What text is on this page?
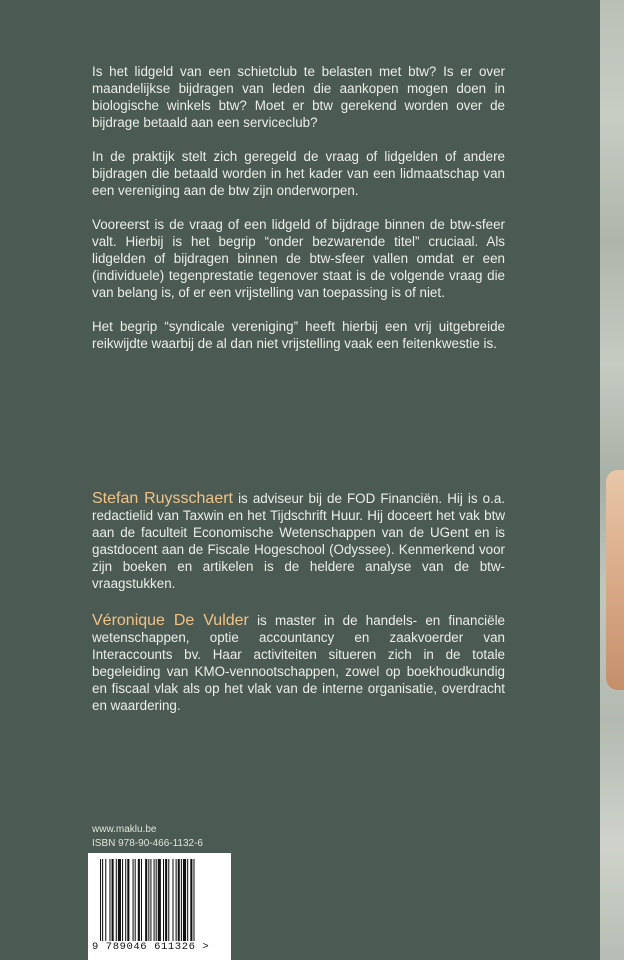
Is het lidgeld van een schietclub te belasten met btw? Is er over maandelijkse bijdragen van leden die aankopen mogen doen in biologische winkels btw? Moet er btw gerekend worden over de bijdrage betaald aan een serviceclub?

In de praktijk stelt zich geregeld de vraag of lidgelden of andere bijdragen die betaald worden in het kader van een lidmaatschap van een vereniging aan de btw zijn onderworpen.

Vooreerst is de vraag of een lidgeld of bijdrage binnen de btw-sfeer valt. Hierbij is het begrip “onder bezwarende titel” cruciaal. Als lidgelden of bijdragen binnen de btw-sfeer vallen omdat er een (individuele) tegenprestatie tegenover staat is de volgende vraag die van belang is, of er een vrijstelling van toepassing is of niet.

Het begrip “syndicale vereniging” heeft hierbij een vrij uitgebreide reikwijdte waarbij de al dan niet vrijstelling vaak een feitenkwestie is.

Stefan Ruysschaert is adviseur bij de FOD Financiën. Hij is o.a. redactielid van Taxwin en het Tijdschrift Huur. Hij doceert het vak btw aan de faculteit Economische Wetenschappen van de UGent en is gastdocent aan de Fiscale Hogeschool (Odyssee). Kenmerkend voor zijn boeken en artikelen is de heldere analyse van de btw-vraagstukken.

Véronique De Vulder is master in de handels- en financiële wetenschappen, optie accountancy en zaakvoerder van Interaccounts bv. Haar activiteiten situeren zich in de totale begeleiding van KMO-vennootschappen, zowel op boekhoudkundig en fiscaal vlak als op het vlak van de interne organisatie, overdracht en waardering.

www.maklu.be
ISBN 978-90-466-1132-6
9 789046 611326 >
